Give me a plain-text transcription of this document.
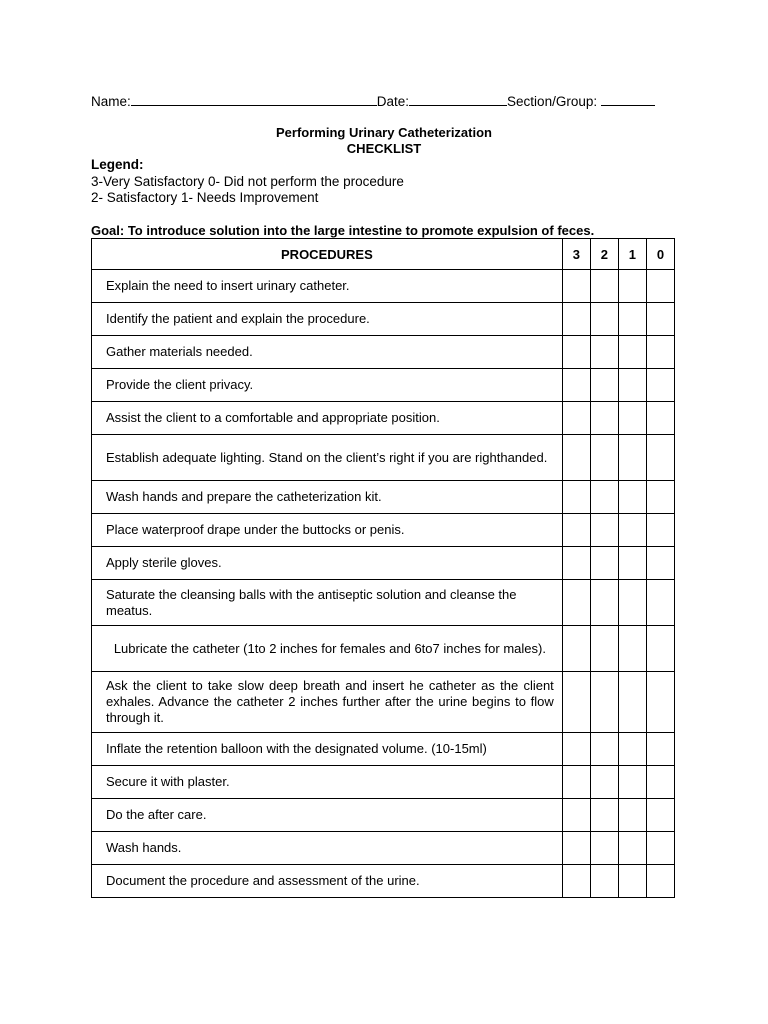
Name:	Date:	Section/Group:
Performing Urinary Catheterization
CHECKLIST
Legend:
3-Very Satisfactory 0- Did not perform the procedure
2- Satisfactory 1- Needs Improvement
Goal: To introduce solution into the large intestine to promote expulsion of feces.
PROCEDURES	3	2	1	0
Explain the need to insert urinary catheter.				
Identify the patient and explain the procedure.				
Gather materials needed.				
Provide the client privacy.				
Assist the client to a comfortable and appropriate position.				
Establish adequate lighting. Stand on the client’s right if you are righthanded.				
Wash hands and prepare the catheterization kit.				
Place waterproof drape under the buttocks or penis.				
Apply sterile gloves.				
Saturate the cleansing balls with the antiseptic solution and cleanse the meatus.				
Lubricate the catheter (1to 2 inches for females and 6to7 inches for males).				
Ask the client to take slow deep breath and insert he catheter as the client exhales. Advance the catheter 2 inches further after the urine begins to flow through it.				
Inflate the retention balloon with the designated volume. (10-15ml)				
Secure it with plaster.				
Do the after care.				
Wash hands.				
Document the procedure and assessment of the urine.				
